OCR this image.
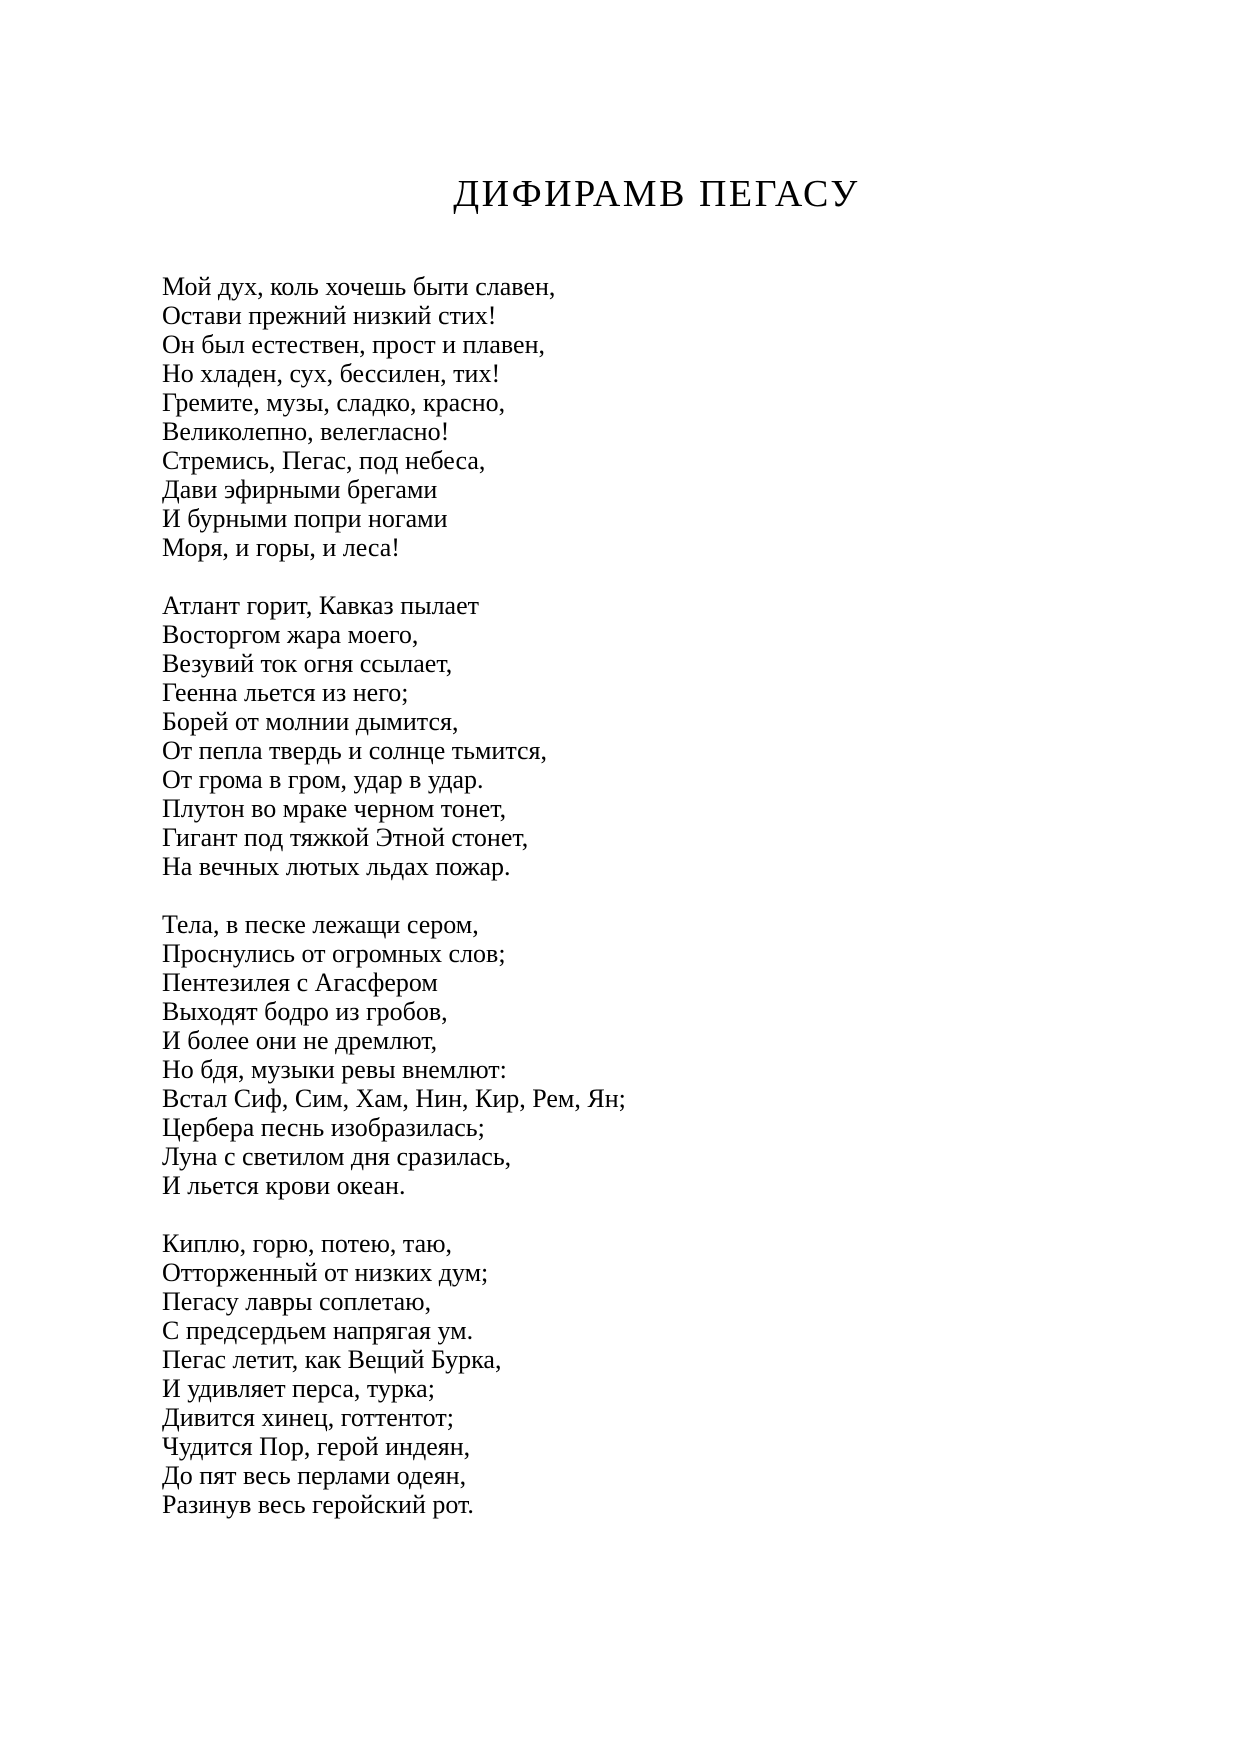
ДИФИРАМВ ПЕГАСУ

Мой дух, коль хочешь быти славен,

Остави прежний низкий стих!

Он был естествен, прост и плавен,

Но хладен, сух, бессилен, тих!

Гремите, музы, сладко, красно,

Великолепно, велегласно!

Стремись, Пегас, под небеса,

Дави эфирными брегами

И бурными попри ногами

Моря, и горы, и леса!

Атлант горит, Кавказ пылает

Восторгом жара моего,

Везувий ток огня ссылает,

Геенна льется из него;

Борей от молнии дымится,

От пепла твердь и солнце тьмится,

От грома в гром, удар в удар.

Плутон во мраке черном тонет,

Гигант под тяжкой Этной стонет,

На вечных лютых льдах пожар.

Тела, в песке лежащи сером,

Проснулись от огромных слов;

Пентезилея с Агасфером

Выходят бодро из гробов,

И более они не дремлют,

Но бдя, музыки ревы внемлют:

Встал Сиф, Сим, Хам, Нин, Кир, Рем, Ян;

Цербера песнь изобразилась;

Луна с светилом дня сразилась,

И льется крови океан.

Киплю, горю, потею, таю,

Отторженный от низких дум;

Пегасу лавры соплетаю,

С предсердьем напрягая ум.

Пегас летит, как Вещий Бурка,

И удивляет перса, турка;

Дивится хинец, готтентот;

Чудится Пор, герой индеян,

До пят весь перлами одеян,

Разинув весь геройский рот.
